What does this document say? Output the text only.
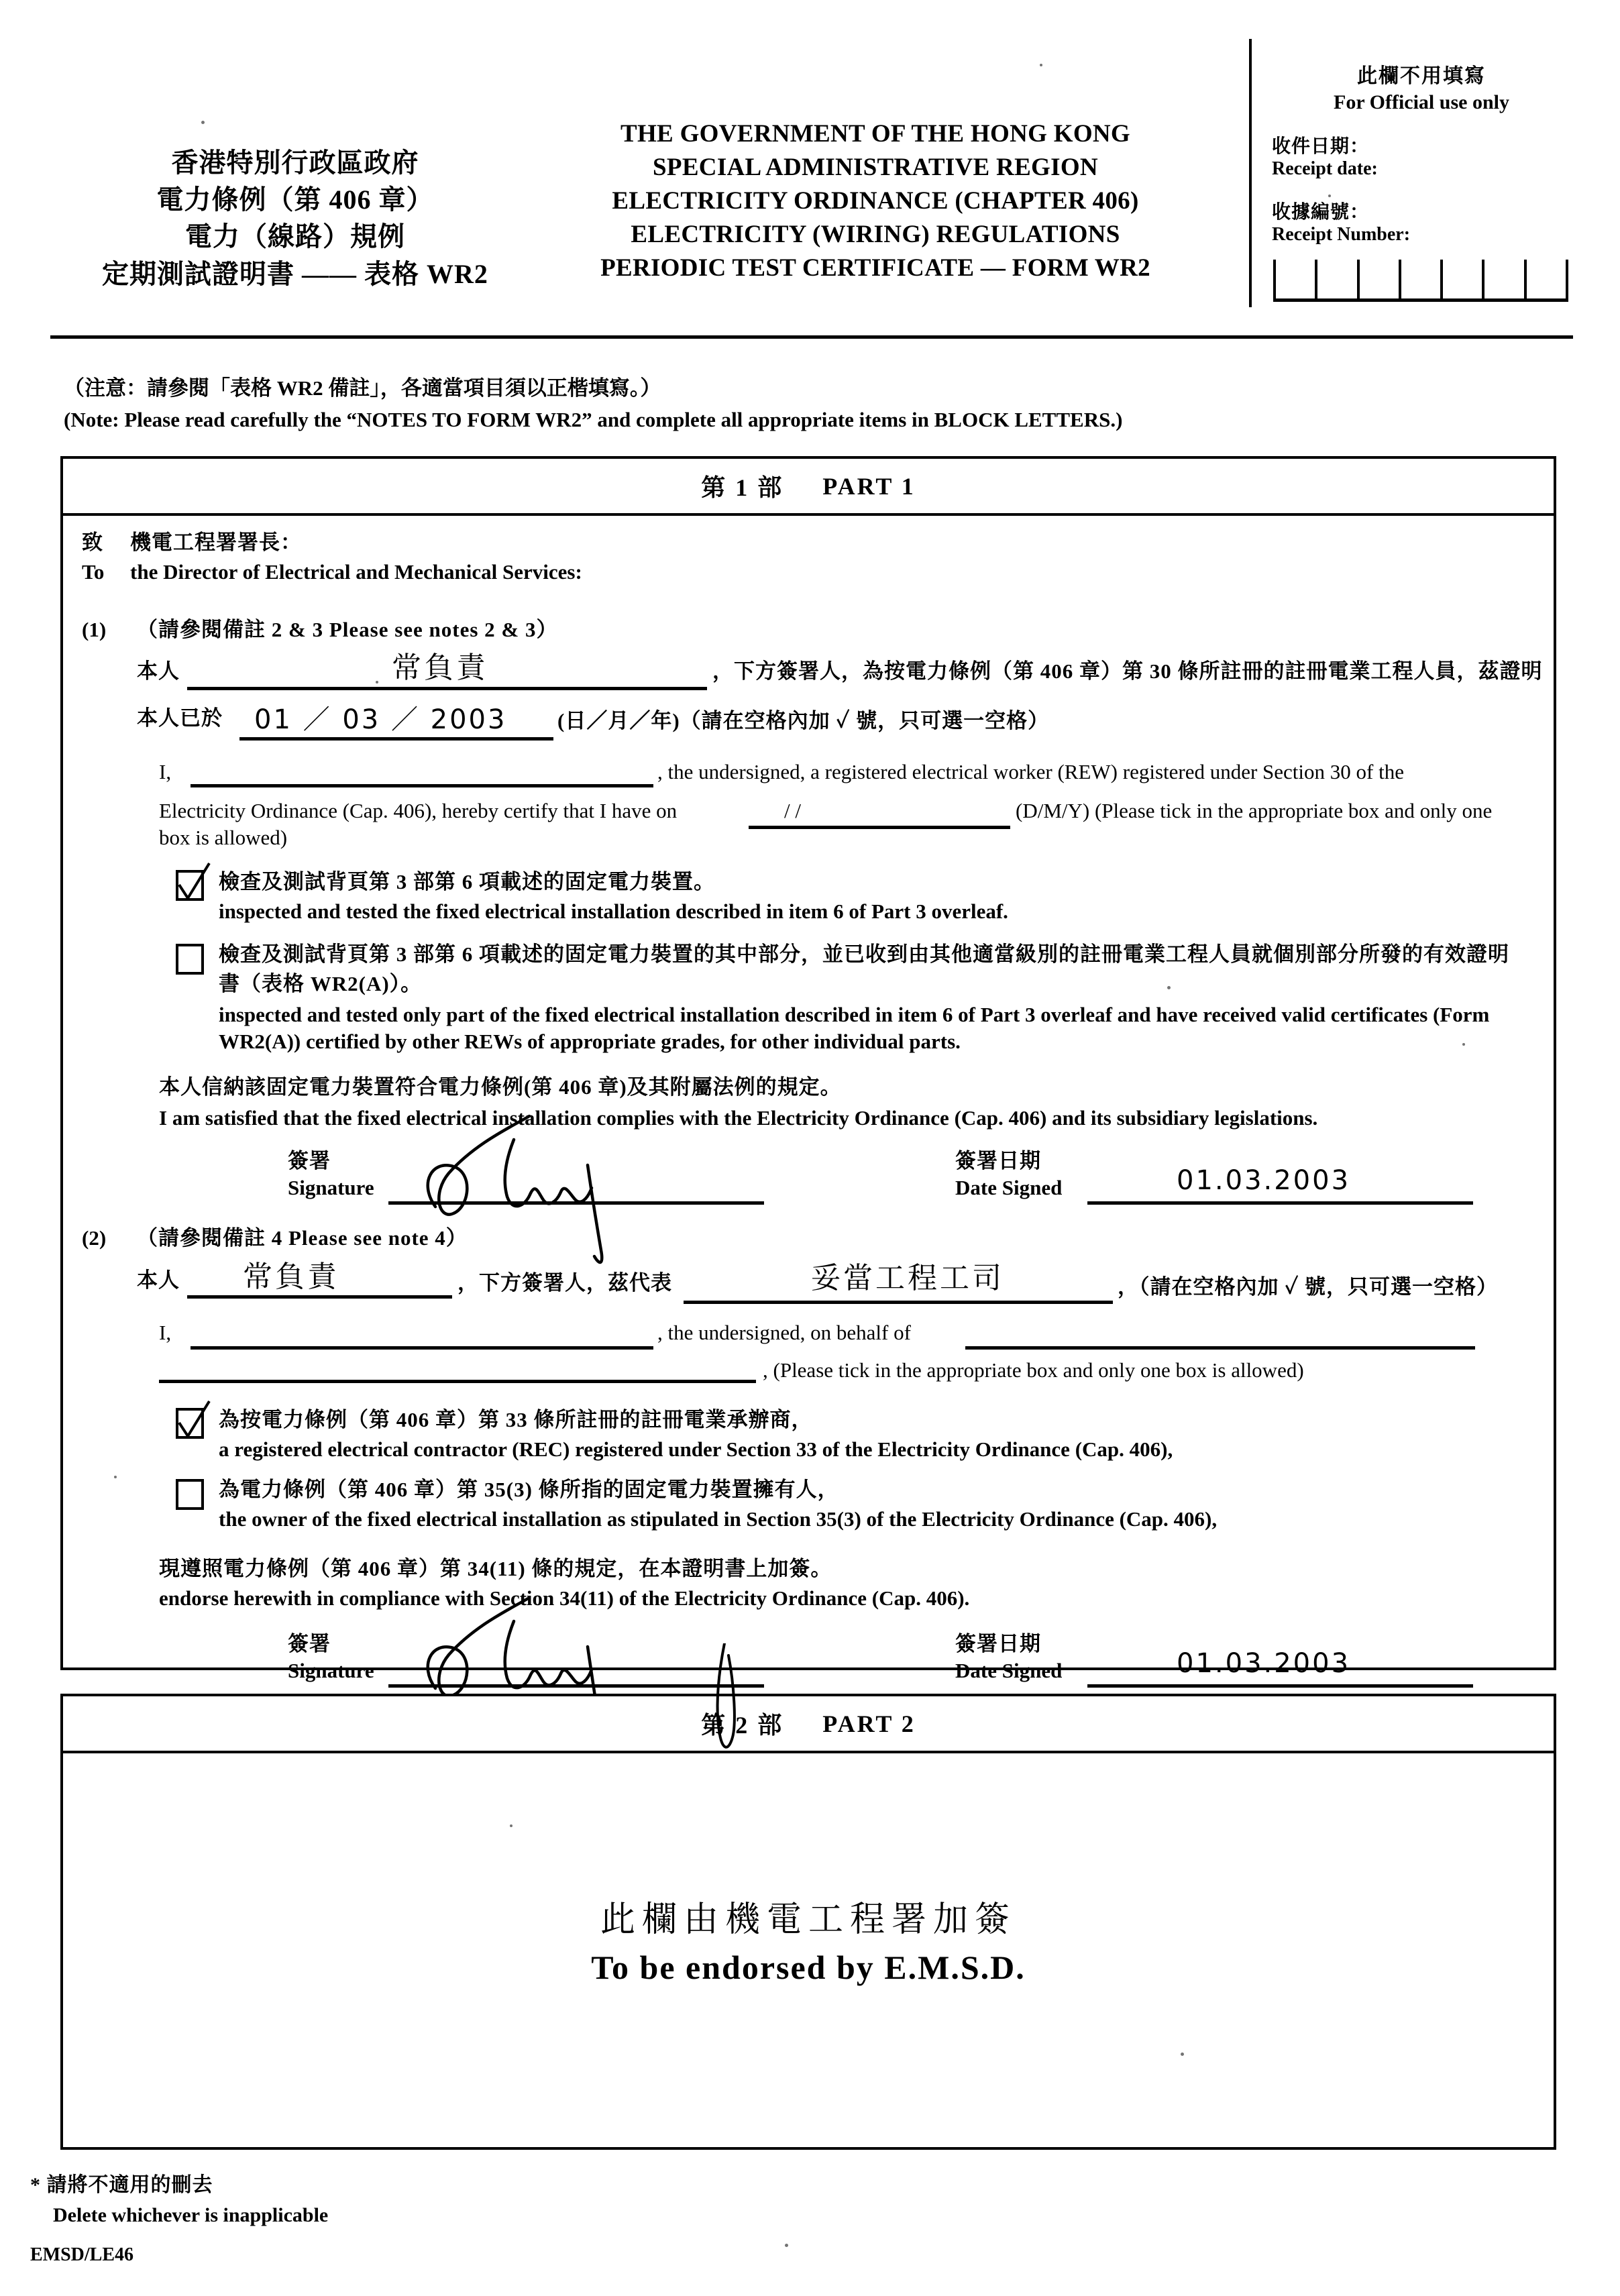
香港特別行政區政府
電力條例（第 406 章）
電力（線路）規例
定期測試證明書 —— 表格 WR2
THE GOVERNMENT OF THE HONG KONG
SPECIAL ADMINISTRATIVE REGION
ELECTRICITY ORDINANCE (CHAPTER 406)
ELECTRICITY (WIRING) REGULATIONS
PERIODIC TEST CERTIFICATE — FORM WR2
此欄不用填寫
For Official use only
收件日期：
Receipt date:
收據編號：
Receipt Number:
（注意：請參閱「表格 WR2 備註」，各適當項目須以正楷填寫。）
(Note: Please read carefully the “NOTES TO FORM WR2” and complete all appropriate items in BLOCK LETTERS.)
第 1 部 PART 1
致	機電工程署署長：
To	the Director of Electrical and Mechanical Services:
(1) （請參閱備註 2 & 3 Please see notes 2 & 3）
本人	常負責	，下方簽署人，為按電力條例（第 406 章）第 30 條所註冊的註冊電業工程人員，茲證明
本人已於 01 ／ 03 ／ 2003 (日／月／年)（請在空格內加 ✓ 號，只可選一空格）
I,	, the undersigned, a registered electrical worker (REW) registered under Section 30 of the
Electricity Ordinance (Cap. 406), hereby certify that I have on	/ /	(D/M/Y) (Please tick in the appropriate box and only one
box is allowed)
檢查及測試背頁第 3 部第 6 項載述的固定電力裝置。
inspected and tested the fixed electrical installation described in item 6 of Part 3 overleaf.
檢查及測試背頁第 3 部第 6 項載述的固定電力裝置的其中部分，並已收到由其他適當級別的註冊電業工程人員就個別部分所發的有效證明
書（表格 WR2(A)）。
inspected and tested only part of the fixed electrical installation described in item 6 of Part 3 overleaf and have received valid certificates (Form
WR2(A)) certified by other REWs of appropriate grades, for other individual parts.
本人信納該固定電力裝置符合電力條例(第 406 章)及其附屬法例的規定。
I am satisfied that the fixed electrical installation complies with the Electricity Ordinance (Cap. 406) and its subsidiary legislations.
簽署
Signature
簽署日期
Date Signed	01.03.2003
(2) （請參閱備註 4 Please see note 4）
本人 常負責	，下方簽署人，茲代表	妥當工程工司	，（請在空格內加 ✓ 號，只可選一空格）
I,	, the undersigned, on behalf of
, (Please tick in the appropriate box and only one box is allowed)
為按電力條例（第 406 章）第 33 條所註冊的註冊電業承辦商，
a registered electrical contractor (REC) registered under Section 33 of the Electricity Ordinance (Cap. 406),
為電力條例（第 406 章）第 35(3) 條所指的固定電力裝置擁有人，
the owner of the fixed electrical installation as stipulated in Section 35(3) of the Electricity Ordinance (Cap. 406),
現遵照電力條例（第 406 章）第 34(11) 條的規定，在本證明書上加簽。
endorse herewith in compliance with Section 34(11) of the Electricity Ordinance (Cap. 406).
簽署
Signature
簽署日期
Date Signed	01.03.2003
第 2 部 PART 2
此欄由機電工程署加簽
To be endorsed by E.M.S.D.
* 請將不適用的刪去
Delete whichever is inapplicable
EMSD/LE46
